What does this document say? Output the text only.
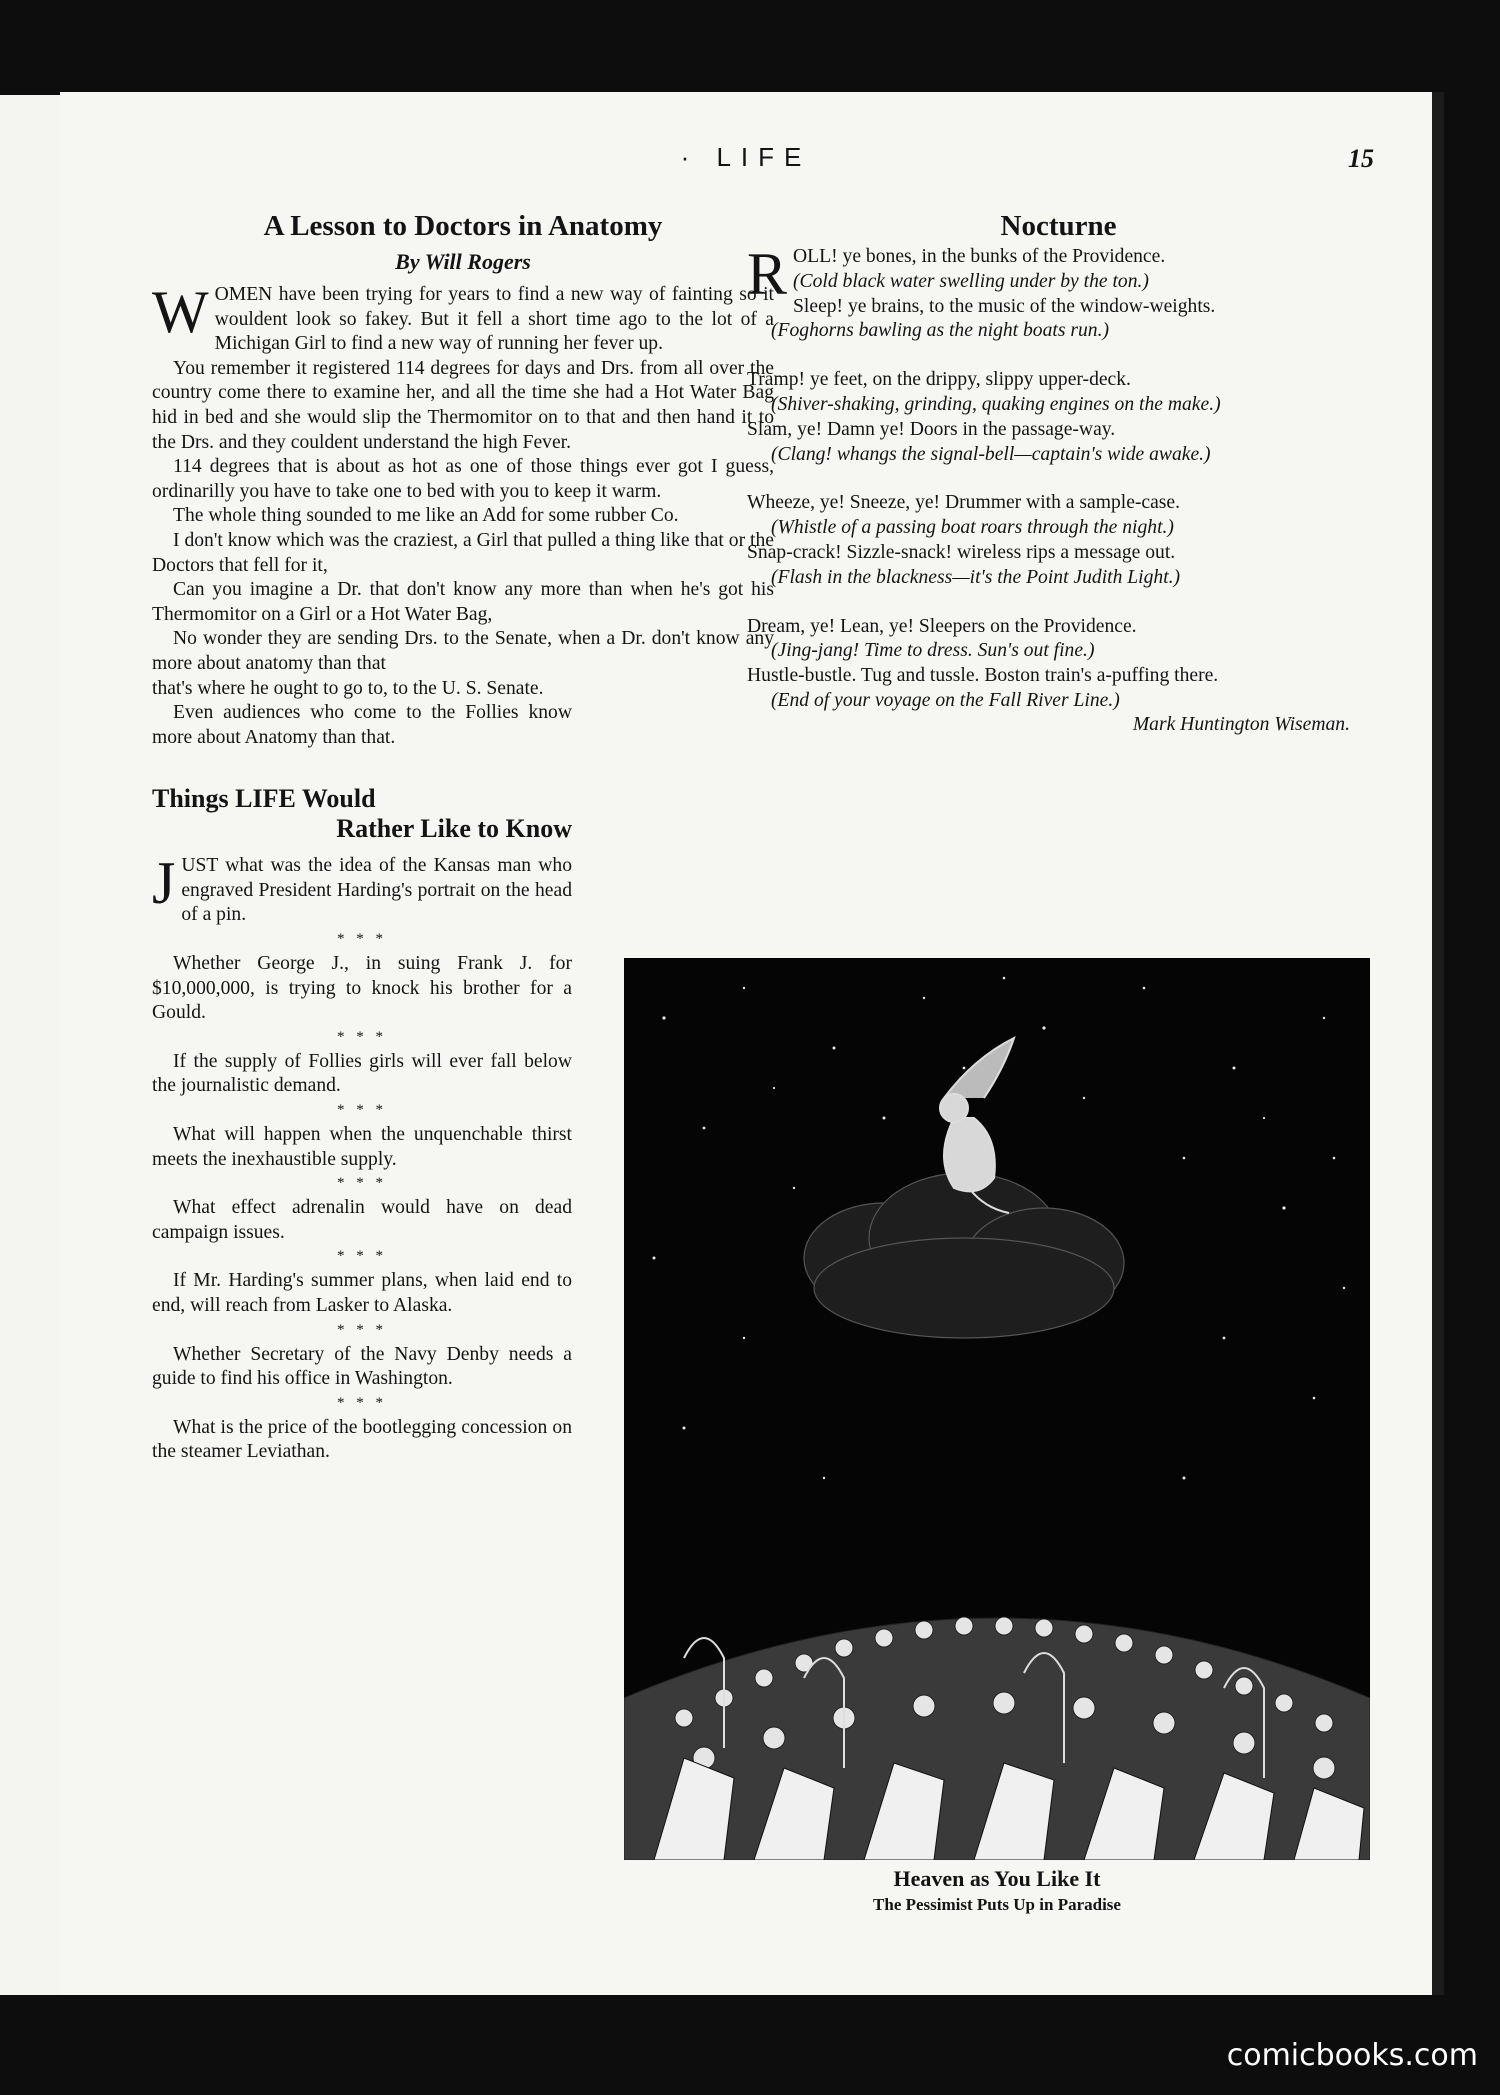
· LIFE	15
A Lesson to Doctors in Anatomy
By Will Rogers

WOMEN have been trying for years to find a new way of fainting so it wouldent look so fakey. But it fell a short time ago to the lot of a Michigan Girl to find a new way of running her fever up.

You remember it registered 114 degrees for days and Drs. from all over the country come there to examine her, and all the time she had a Hot Water Bag hid in bed and she would slip the Thermomitor on to that and then hand it to the Drs. and they couldent understand the high Fever.

114 degrees that is about as hot as one of those things ever got I guess, ordinarilly you have to take one to bed with you to keep it warm.

The whole thing sounded to me like an Add for some rubber Co.

I don't know which was the craziest, a Girl that pulled a thing like that or the Doctors that fell for it,

Can you imagine a Dr. that don't know any more than when he's got his Thermomitor on a Girl or a Hot Water Bag,

No wonder they are sending Drs. to the Senate, when a Dr. don't know any more about anatomy than that

that's where he ought to go to, to the U. S. Senate.

Even audiences who come to the Follies know more about Anatomy than that.

Things LIFE Would
Rather Like to Know

JUST what was the idea of the Kansas man who engraved President Harding's portrait on the head of a pin.

* * *

Whether George J., in suing Frank J. for $10,000,000, is trying to knock his brother for a Gould.

* * *

If the supply of Follies girls will ever fall below the journalistic demand.

* * *

What will happen when the unquenchable thirst meets the inexhaustible supply.

* * *

What effect adrenalin would have on dead campaign issues.

* * *

If Mr. Harding's summer plans, when laid end to end, will reach from Lasker to Alaska.

* * *

Whether Secretary of the Navy Denby needs a guide to find his office in Washington.

* * *

What is the price of the bootlegging concession on the steamer Leviathan.

Nocturne

ROLL! ye bones, in the bunks of the Providence.

(Cold black water swelling under by the ton.)

Sleep! ye brains, to the music of the window-weights.

(Foghorns bawling as the night boats run.)

Tramp! ye feet, on the drippy, slippy upper-deck.

(Shiver-shaking, grinding, quaking engines on the make.)

Slam, ye! Damn ye! Doors in the passage-way.

(Clang! whangs the signal-bell—captain's wide awake.)

Wheeze, ye! Sneeze, ye! Drummer with a sample-case.

(Whistle of a passing boat roars through the night.)

Snap-crack! Sizzle-snack! wireless rips a message out.

(Flash in the blackness—it's the Point Judith Light.)

Dream, ye! Lean, ye! Sleepers on the Providence.

(Jing-jang! Time to dress. Sun's out fine.)

Hustle-bustle. Tug and tussle. Boston train's a-puffing there.

(End of your voyage on the Fall River Line.)

Mark Huntington Wiseman.
Heaven as You Like It
The Pessimist Puts Up in Paradise
comicbooks.com
